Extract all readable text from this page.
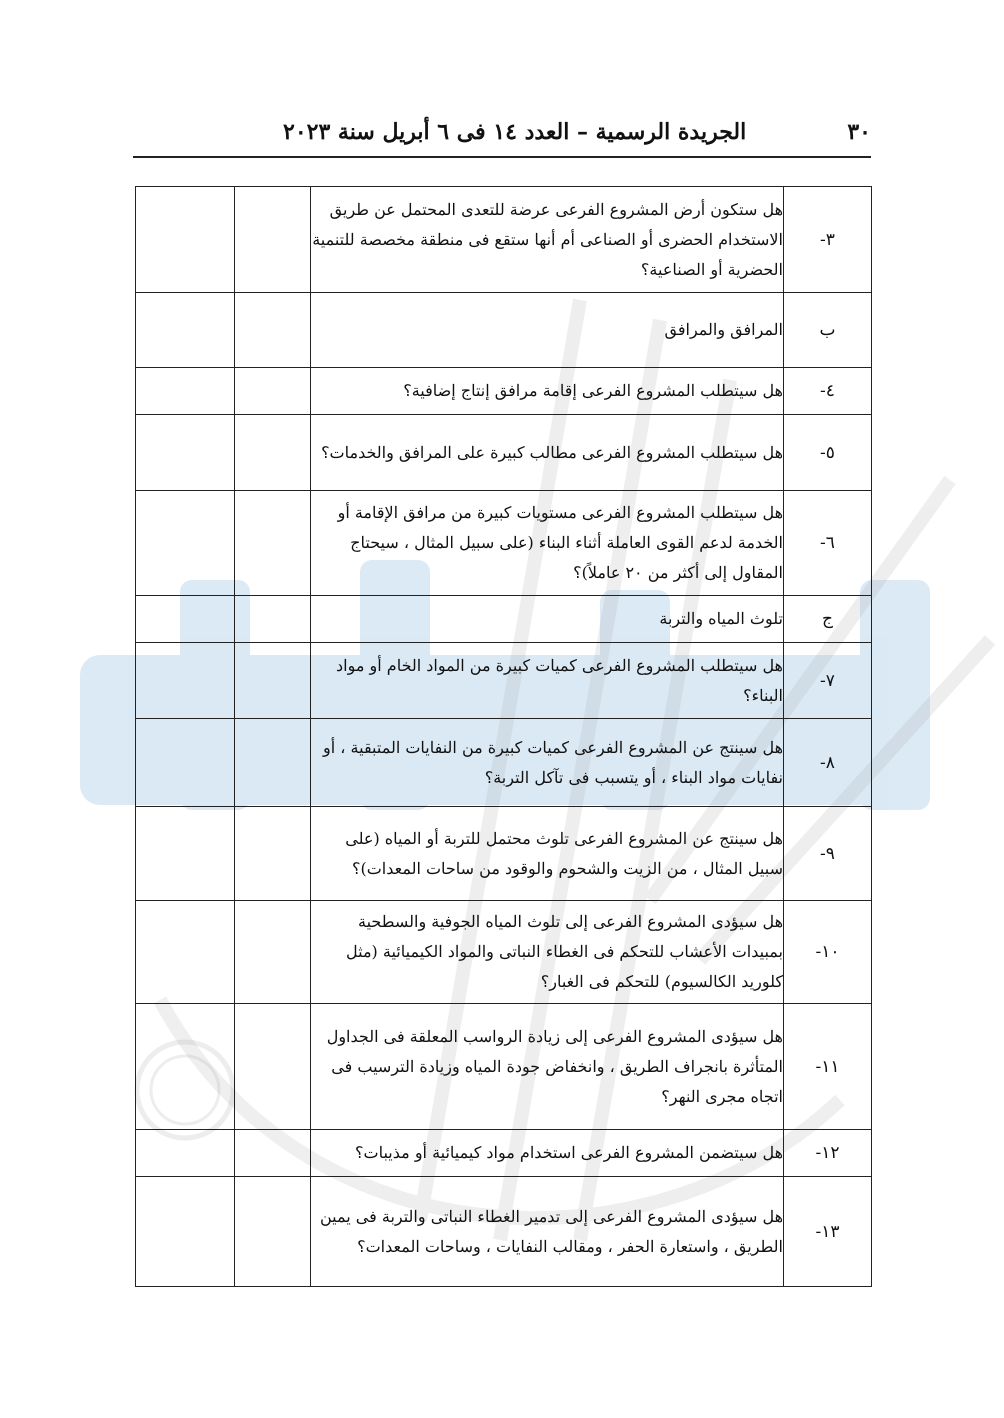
٣٠
الجريدة الرسمية – العدد ١٤ فى ٦ أبريل سنة ٢٠٢٣
٣-	هل ستكون أرض المشروع الفرعى عرضة للتعدى المحتمل عن طريق الاستخدام الحضرى أو الصناعى أم أنها ستقع فى منطقة مخصصة للتنمية الحضرية أو الصناعية؟		
ب	المرافق والمرافق		
٤-	هل سيتطلب المشروع الفرعى إقامة مرافق إنتاج إضافية؟		
٥-	هل سيتطلب المشروع الفرعى مطالب كبيرة على المرافق والخدمات؟		
٦-	هل سيتطلب المشروع الفرعى مستويات كبيرة من مرافق الإقامة أو الخدمة لدعم القوى العاملة أثناء البناء (على سبيل المثال ، سيحتاج المقاول إلى أكثر من ٢٠ عاملاً)؟		
ج	تلوث المياه والتربة		
٧-	هل سيتطلب المشروع الفرعى كميات كبيرة من المواد الخام أو مواد البناء؟		
٨-	هل سينتج عن المشروع الفرعى كميات كبيرة من النفايات المتبقية ، أو نفايات مواد البناء ، أو يتسبب فى تآكل التربة؟		
٩-	هل سينتج عن المشروع الفرعى تلوث محتمل للتربة أو المياه (على سبيل المثال ، من الزيت والشحوم والوقود من ساحات المعدات)؟		
١٠-	هل سيؤدى المشروع الفرعى إلى تلوث المياه الجوفية والسطحية بمبيدات الأعشاب للتحكم فى الغطاء النباتى والمواد الكيميائية (مثل كلوريد الكالسيوم) للتحكم فى الغبار؟		
١١-	هل سيؤدى المشروع الفرعى إلى زيادة الرواسب المعلقة فى الجداول المتأثرة بانجراف الطريق ، وانخفاض جودة المياه وزيادة الترسيب فى اتجاه مجرى النهر؟		
١٢-	هل سيتضمن المشروع الفرعى استخدام مواد كيميائية أو مذيبات؟		
١٣-	هل سيؤدى المشروع الفرعى إلى تدمير الغطاء النباتى والتربة فى يمين الطريق ، واستعارة الحفر ، ومقالب النفايات ، وساحات المعدات؟		
